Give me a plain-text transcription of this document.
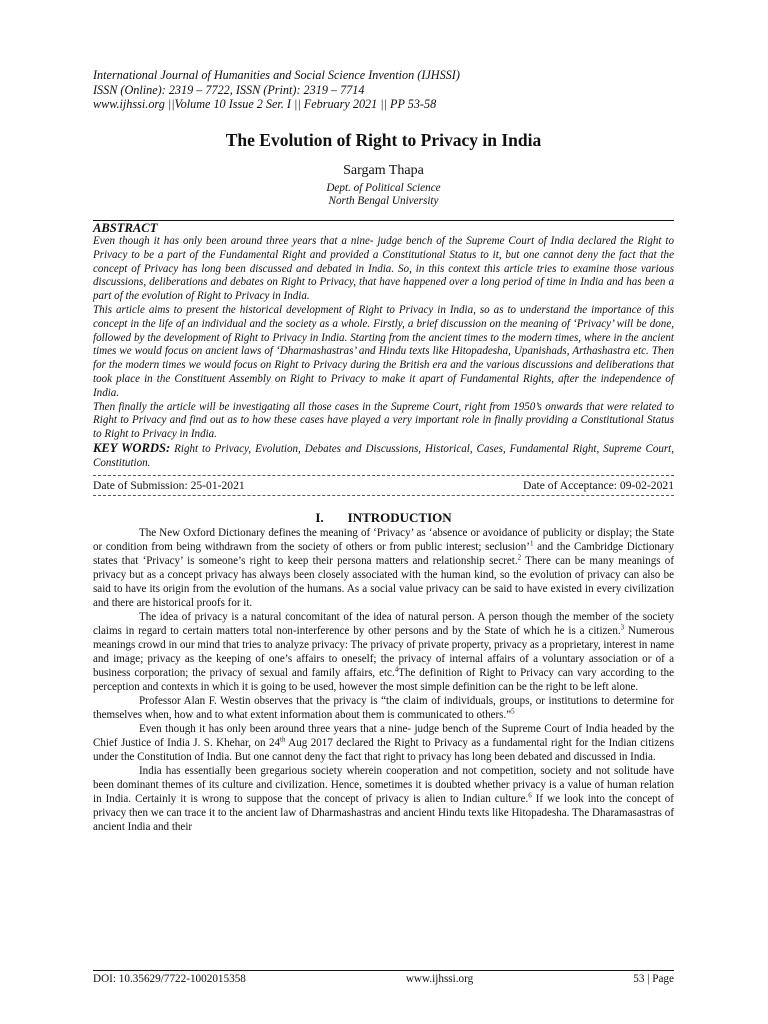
International Journal of Humanities and Social Science Invention (IJHSSI)
ISSN (Online): 2319 – 7722, ISSN (Print): 2319 – 7714
www.ijhssi.org ||Volume 10 Issue 2 Ser. I || February 2021 || PP 53-58
The Evolution of Right to Privacy in India
Sargam Thapa
Dept. of Political Science
North Bengal University
ABSTRACT

Even though it has only been around three years that a nine- judge bench of the Supreme Court of India declared the Right to Privacy to be a part of the Fundamental Right and provided a Constitutional Status to it, but one cannot deny the fact that the concept of Privacy has long been discussed and debated in India. So, in this context this article tries to examine those various discussions, deliberations and debates on Right to Privacy, that have happened over a long period of time in India and has been a part of the evolution of Right to Privacy in India.

This article aims to present the historical development of Right to Privacy in India, so as to understand the importance of this concept in the life of an individual and the society as a whole. Firstly, a brief discussion on the meaning of ‘Privacy’ will be done, followed by the development of Right to Privacy in India. Starting from the ancient times to the modern times, where in the ancient times we would focus on ancient laws of ‘Dharmashastras’ and Hindu texts like Hitopadesha, Upanishads, Arthashastra etc. Then for the modern times we would focus on Right to Privacy during the British era and the various discussions and deliberations that took place in the Constituent Assembly on Right to Privacy to make it apart of Fundamental Rights, after the independence of India.

Then finally the article will be investigating all those cases in the Supreme Court, right from 1950’s onwards that were related to Right to Privacy and find out as to how these cases have played a very important role in finally providing a Constitutional Status to Right to Privacy in India.

KEY WORDS: Right to Privacy, Evolution, Debates and Discussions, Historical, Cases, Fundamental Right, Supreme Court, Constitution.

Date of Submission: 25-01-2021	Date of Acceptance: 09-02-2021
I. INTRODUCTION

The New Oxford Dictionary defines the meaning of ‘Privacy’ as ‘absence or avoidance of publicity or display; the State or condition from being withdrawn from the society of others or from public interest; seclusion’$^1$ and the Cambridge Dictionary states that ‘Privacy’ is someone’s right to keep their persona matters and relationship secret.$^2$ There can be many meanings of privacy but as a concept privacy has always been closely associated with the human kind, so the evolution of privacy can also be said to have its origin from the evolution of the humans. As a social value privacy can be said to have existed in every civilization and there are historical proofs for it.

The idea of privacy is a natural concomitant of the idea of natural person. A person though the member of the society claims in regard to certain matters total non-interference by other persons and by the State of which he is a citizen.$^3$ Numerous meanings crowd in our mind that tries to analyze privacy: The privacy of private property, privacy as a proprietary, interest in name and image; privacy as the keeping of one’s affairs to oneself; the privacy of internal affairs of a voluntary association or of a business corporation; the privacy of sexual and family affairs, etc.$^4$The definition of Right to Privacy can vary according to the perception and contexts in which it is going to be used, however the most simple definition can be the right to be left alone.

Professor Alan F. Westin observes that the privacy is “the claim of individuals, groups, or institutions to determine for themselves when, how and to what extent information about them is communicated to others.”$^5$

Even though it has only been around three years that a nine- judge bench of the Supreme Court of India headed by the Chief Justice of India J. S. Khehar, on 24th Aug 2017 declared the Right to Privacy as a fundamental right for the Indian citizens under the Constitution of India. But one cannot deny the fact that right to privacy has long been debated and discussed in India.

India has essentially been gregarious society wherein cooperation and not competition, society and not solitude have been dominant themes of its culture and civilization. Hence, sometimes it is doubted whether privacy is a value of human relation in India. Certainly it is wrong to suppose that the concept of privacy is alien to Indian culture.$^6$ If we look into the concept of privacy then we can trace it to the ancient law of Dharmashastras and ancient Hindu texts like Hitopadesha. The Dharamasastras of ancient India and their

DOI: 10.35629/7722-1002015358	www.ijhssi.org	53 | Page
